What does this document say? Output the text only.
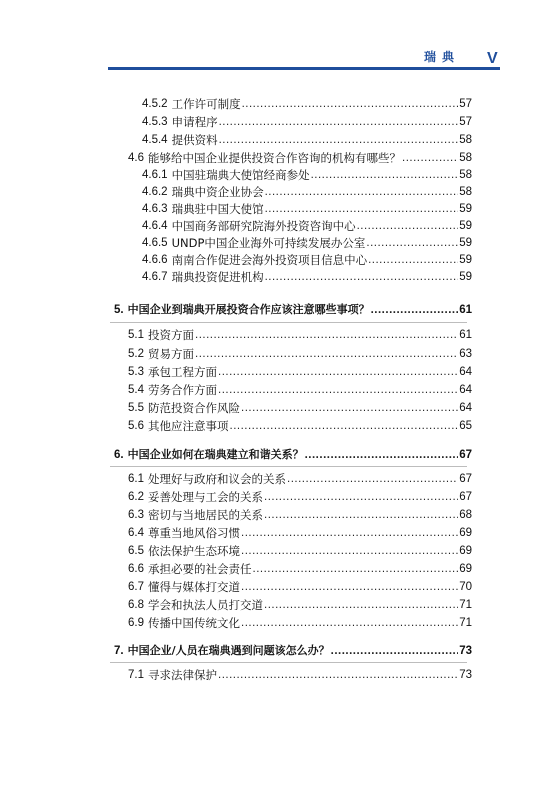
瑞典 V
4.5.2 工作许可制度 .....	57
4.5.3 申请程序 .....	57
4.5.4 提供资料 .....	58
4.6 能够给中国企业提供投资合作咨询的机构有哪些？ .....	58
4.6.1 中国驻瑞典大使馆经商参处 .....	58
4.6.2 瑞典中资企业协会 .....	58
4.6.3 瑞典驻中国大使馆 .....	59
4.6.4 中国商务部研究院海外投资咨询中心 .....	59
4.6.5 UNDP中国企业海外可持续发展办公室 .....	59
4.6.6 南南合作促进会海外投资项目信息中心 .....	59
4.6.7 瑞典投资促进机构 .....	59
5. 中国企业到瑞典开展投资合作应该注意哪些事项？ .....	61
5.1 投资方面 .....	61
5.2 贸易方面 .....	63
5.3 承包工程方面 .....	64
5.4 劳务合作方面 .....	64
5.5 防范投资合作风险 .....	64
5.6 其他应注意事项 .....	65
6. 中国企业如何在瑞典建立和谐关系？ .....	67
6.1 处理好与政府和议会的关系 .....	67
6.2 妥善处理与工会的关系 .....	67
6.3 密切与当地居民的关系 .....	68
6.4 尊重当地风俗习惯 .....	69
6.5 依法保护生态环境 .....	69
6.6 承担必要的社会责任 .....	69
6.7 懂得与媒体打交道 .....	70
6.8 学会和执法人员打交道 .....	71
6.9 传播中国传统文化 .....	71
7. 中国企业/人员在瑞典遇到问题该怎么办？ .....	73
7.1 寻求法律保护 .....	73
